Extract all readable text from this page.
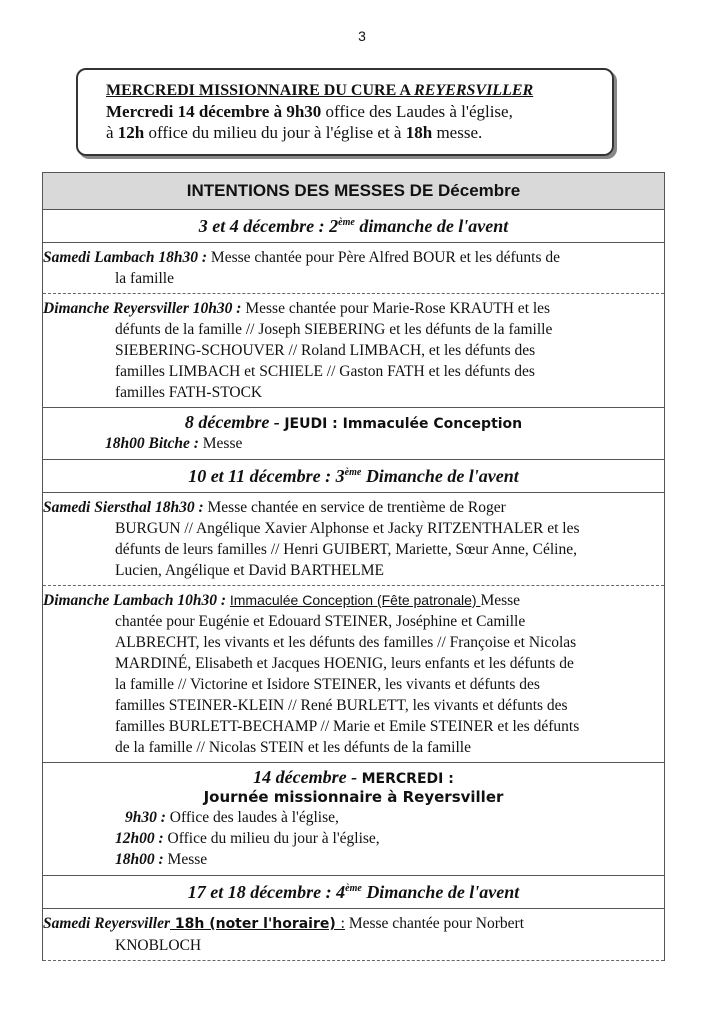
3
MERCREDI MISSIONNAIRE DU CURE A REYERSVILLER
Mercredi 14 décembre à 9h30 office des Laudes à l'église,
à 12h office du milieu du jour à l'église et à 18h messe.
INTENTIONS DES MESSES DE Décembre
3 et 4 décembre : 2ème dimanche de l'avent
Samedi Lambach 18h30 : Messe chantée pour Père Alfred BOUR et les défunts de
la famille
Dimanche Reyersviller 10h30 : Messe chantée pour Marie-Rose KRAUTH et les
défunts de la famille // Joseph SIEBERING et les défunts de la famille
SIEBERING-SCHOUVER // Roland LIMBACH, et les défunts des
familles LIMBACH et SCHIELE // Gaston FATH et les défunts des
familles FATH-STOCK
8 décembre - JEUDI : Immaculée Conception
18h00 Bitche : Messe
10 et 11 décembre : 3ème Dimanche de l'avent
Samedi Siersthal 18h30 : Messe chantée en service de trentième de Roger
BURGUN // Angélique Xavier Alphonse et Jacky RITZENTHALER et les
défunts de leurs familles // Henri GUIBERT, Mariette, Sœur Anne, Céline,
Lucien, Angélique et David BARTHELME
Dimanche Lambach 10h30 : Immaculée Conception (Fête patronale) Messe
chantée pour Eugénie et Edouard STEINER, Joséphine et Camille
ALBRECHT, les vivants et les défunts des familles // Françoise et Nicolas
MARDINÉ, Elisabeth et Jacques HOENIG, leurs enfants et les défunts de
la famille // Victorine et Isidore STEINER, les vivants et défunts des
familles STEINER-KLEIN // René BURLETT, les vivants et défunts des
familles BURLETT-BECHAMP // Marie et Emile STEINER et les défunts
de la famille // Nicolas STEIN et les défunts de la famille
14 décembre - MERCREDI :
Journée missionnaire à Reyersviller
9h30 : Office des laudes à l'église,
12h00 : Office du milieu du jour à l'église,
18h00 : Messe
17 et 18 décembre : 4ème Dimanche de l'avent
Samedi Reyersviller 18h (noter l'horaire) : Messe chantée pour Norbert
KNOBLOCH
